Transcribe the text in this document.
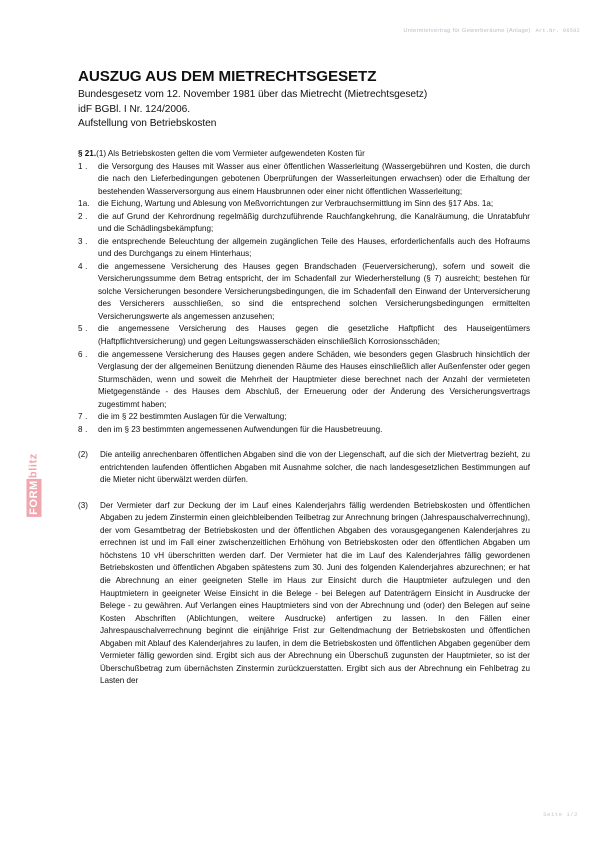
Untermietvertrag für Gewerberäume (Anlage) Art.Nr. 96592
AUSZUG AUS DEM MIETRECHTSGESETZ
Bundesgesetz vom 12. November 1981 über das Mietrecht (Mietrechtsgesetz)
idF BGBl. I Nr. 124/2006.
Aufstellung von Betriebskosten
§ 21.(1) Als Betriebskosten gelten die vom Vermieter aufgewendeten Kosten für
1 .	die Versorgung des Hauses mit Wasser aus einer öffentlichen Wasserleitung (Wassergebühren und Kosten, die durch die nach den Lieferbedingungen gebotenen Überprüfungen der Wasserleitungen erwachsen) oder die Erhaltung der bestehenden Wasserversorgung aus einem Hausbrunnen oder einer nicht öffentlichen Wasserleitung;
1a.	die Eichung, Wartung und Ablesung von Meßvorrichtungen zur Verbrauchsermittlung im Sinn des §17 Abs. 1a;
2 .	die auf Grund der Kehrordnung regelmäßig durchzuführende Rauchfangkehrung, die Kanalräumung, die Unratabfuhr und die Schädlingsbekämpfung;
3 .	die entsprechende Beleuchtung der allgemein zugänglichen Teile des Hauses, erforderlichenfalls auch des Hofraums und des Durchgangs zu einem Hinterhaus;
4 .	die angemessene Versicherung des Hauses gegen Brandschaden (Feuerversicherung), sofern und soweit die Versicherungssumme dem Betrag entspricht, der im Schadenfall zur Wiederherstellung (§ 7) ausreicht; bestehen für solche Versicherungen besondere Versicherungsbedingungen, die im Schadenfall den Einwand der Unterversicherung des Versicherers ausschließen, so sind die entsprechend solchen Versicherungsbedingungen ermittelten Versicherungswerte als angemessen anzusehen;
5 .	die angemessene Versicherung des Hauses gegen die gesetzliche Haftpflicht des Hauseigentümers (Haftpflichtversicherung) und gegen Leitungswasserschäden einschließlich Korrosionsschäden;
6 .	die angemessene Versicherung des Hauses gegen andere Schäden, wie besonders gegen Glasbruch hinsichtlich der Verglasung der der allgemeinen Benützung dienenden Räume des Hauses einschließlich aller Außenfenster oder gegen Sturmschäden, wenn und soweit die Mehrheit der Hauptmieter diese berechnet nach der Anzahl der vermieteten Mietgegenstände - des Hauses dem Abschluß, der Erneuerung oder der Änderung des Versicherungsvertrags zugestimmt haben;
7 .	die im § 22 bestimmten Auslagen für die Verwaltung;
8 .	den im § 23 bestimmten angemessenen Aufwendungen für die Hausbetreuung.
(2) Die anteilig anrechenbaren öffentlichen Abgaben sind die von der Liegenschaft, auf die sich der Mietvertrag bezieht, zu entrichtenden laufenden öffentlichen Abgaben mit Ausnahme solcher, die nach landesgesetzlichen Bestimmungen auf die Mieter nicht überwälzt werden dürfen.
(3) Der Vermieter darf zur Deckung der im Lauf eines Kalenderjahrs fällig werdenden Betriebskosten und öffentlichen Abgaben zu jedem Zinstermin einen gleichbleibenden Teilbetrag zur Anrechnung bringen (Jahrespauschalverrechnung), der vom Gesamtbetrag der Betriebskosten und der öffentlichen Abgaben des vorausgegangenen Kalenderjahres zu errechnen ist und im Fall einer zwischenzeitlichen Erhöhung von Betriebskosten oder den öffentlichen Abgaben um höchstens 10 vH überschritten werden darf. Der Vermieter hat die im Lauf des Kalenderjahres fällig gewordenen Betriebskosten und öffentlichen Abgaben spätestens zum 30. Juni des folgenden Kalenderjahres abzurechnen; er hat die Abrechnung an einer geeigneten Stelle im Haus zur Einsicht durch die Hauptmieter aufzulegen und den Hauptmietern in geeigneter Weise Einsicht in die Belege - bei Belegen auf Datenträgern Einsicht in Ausdrucke der Belege - zu gewähren. Auf Verlangen eines Hauptmieters sind von der Abrechnung und (oder) den Belegen auf seine Kosten Abschriften (Ablichtungen, weitere Ausdrucke) anfertigen zu lassen. In den Fällen einer Jahrespauschalverrechnung beginnt die einjährige Frist zur Geltendmachung der Betriebskosten und öffentlichen Abgaben mit Ablauf des Kalenderjahres zu laufen, in dem die Betriebskosten und öffentlichen Abgaben gegenüber dem Vermieter fällig geworden sind. Ergibt sich aus der Abrechnung ein Überschuß zugunsten der Hauptmieter, so ist der Überschußbetrag zum übernächsten Zinstermin zurückzuerstatten. Ergibt sich aus der Abrechnung ein Fehlbetrag zu Lasten der
FORMblitz
Seite 1/2
